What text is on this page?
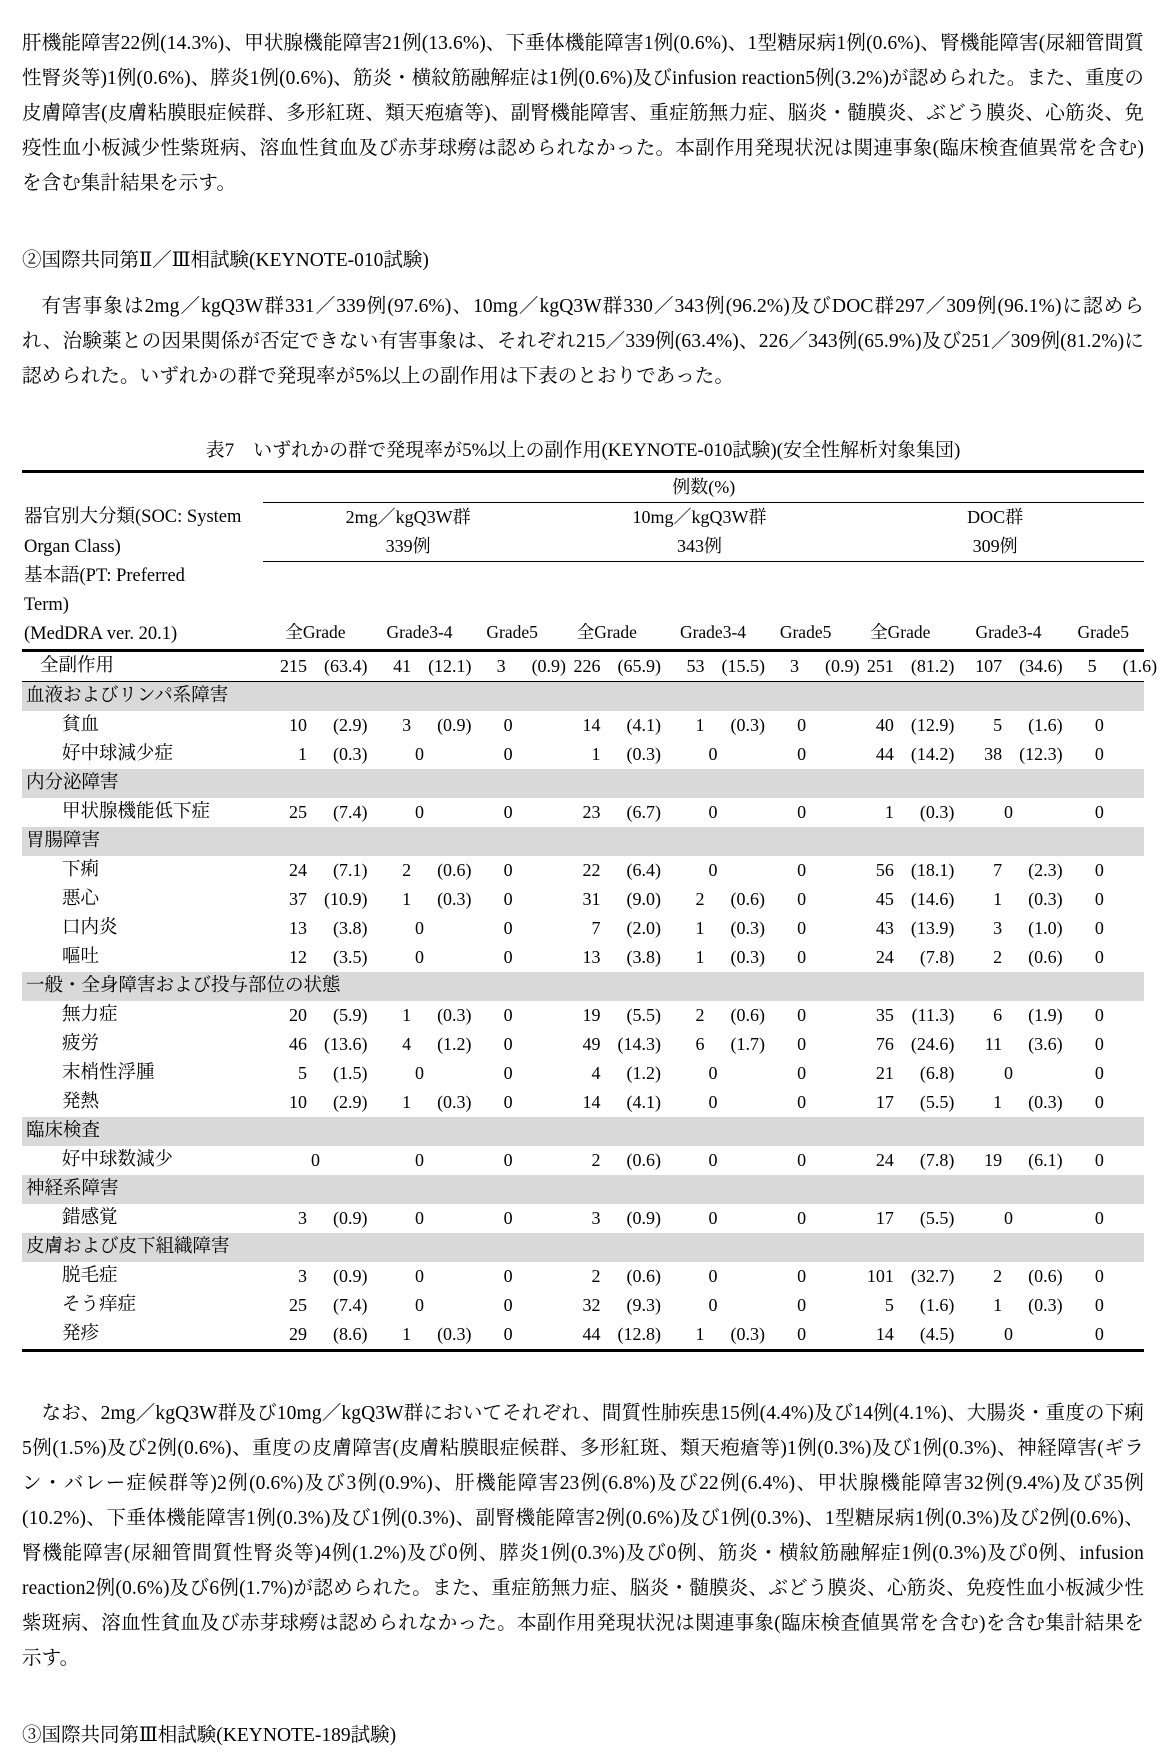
肝機能障害22例(14.3%)、甲状腺機能障害21例(13.6%)、下垂体機能障害1例(0.6%)、1型糖尿病1例(0.6%)、腎機能障害(尿細管間質性腎炎等)1例(0.6%)、膵炎1例(0.6%)、筋炎・横紋筋融解症は1例(0.6%)及びinfusion reaction5例(3.2%)が認められた。また、重度の皮膚障害(皮膚粘膜眼症候群、多形紅斑、類天疱瘡等)、副腎機能障害、重症筋無力症、脳炎・髄膜炎、ぶどう膜炎、心筋炎、免疫性血小板減少性紫斑病、溶血性貧血及び赤芽球癆は認められなかった。本副作用発現状況は関連事象(臨床検査値異常を含む)を含む集計結果を示す。

②国際共同第Ⅱ／Ⅲ相試験(KEYNOTE-010試験)

有害事象は2mg／kgQ3W群331／339例(97.6%)、10mg／kgQ3W群330／343例(96.2%)及びDOC群297／309例(96.1%)に認められ、治験薬との因果関係が否定できない有害事象は、それぞれ215／339例(63.4%)、226／343例(65.9%)及び251／309例(81.2%)に認められた。いずれかの群で発現率が5%以上の副作用は下表のとおりであった。

表7　いずれかの群で発現率が5%以上の副作用(KEYNOTE-010試験)(安全性解析対象集団)

器官別大分類(SOC: System	例数(%)								
	2mg／kgQ3W群			10mg／kgQ3W群			DOC群		
Organ Class)	339例			343例			309例		
基本語(PT: Preferred									
Term)	全Grade	Grade3-4	Grade5	全Grade	Grade3-4	Grade5	全Grade	Grade3-4	Grade5
(MedDRA ver. 20.1)									
全副作用	215 (63.4)	41 (12.1)	3 (0.9)	226 (65.9)	53 (15.5)	3 (0.9)	251 (81.2)	107 (34.6)	5 (1.6)
血液およびリンパ系障害									
貧血	10 (2.9)	3 (0.9)	0	14 (4.1)	1 (0.3)	0	40 (12.9)	5 (1.6)	0
好中球減少症	1 (0.3)	0	0	1 (0.3)	0	0	44 (14.2)	38 (12.3)	0
内分泌障害									
甲状腺機能低下症	25 (7.4)	0	0	23 (6.7)	0	0	1 (0.3)	0	0
胃腸障害									
下痢	24 (7.1)	2 (0.6)	0	22 (6.4)	0	0	56 (18.1)	7 (2.3)	0
悪心	37 (10.9)	1 (0.3)	0	31 (9.0)	2 (0.6)	0	45 (14.6)	1 (0.3)	0
口内炎	13 (3.8)	0	0	7 (2.0)	1 (0.3)	0	43 (13.9)	3 (1.0)	0
嘔吐	12 (3.5)	0	0	13 (3.8)	1 (0.3)	0	24 (7.8)	2 (0.6)	0
一般・全身障害および投与部位の状態									
無力症	20 (5.9)	1 (0.3)	0	19 (5.5)	2 (0.6)	0	35 (11.3)	6 (1.9)	0
疲労	46 (13.6)	4 (1.2)	0	49 (14.3)	6 (1.7)	0	76 (24.6)	11 (3.6)	0
末梢性浮腫	5 (1.5)	0	0	4 (1.2)	0	0	21 (6.8)	0	0
発熱	10 (2.9)	1 (0.3)	0	14 (4.1)	0	0	17 (5.5)	1 (0.3)	0
臨床検査									
好中球数減少	0	0	0	2 (0.6)	0	0	24 (7.8)	19 (6.1)	0
神経系障害									
錯感覚	3 (0.9)	0	0	3 (0.9)	0	0	17 (5.5)	0	0
皮膚および皮下組織障害									
脱毛症	3 (0.9)	0	0	2 (0.6)	0	0	101 (32.7)	2 (0.6)	0
そう痒症	25 (7.4)	0	0	32 (9.3)	0	0	5 (1.6)	1 (0.3)	0
発疹	29 (8.6)	1 (0.3)	0	44 (12.8)	1 (0.3)	0	14 (4.5)	0	0

なお、2mg／kgQ3W群及び10mg／kgQ3W群においてそれぞれ、間質性肺疾患15例(4.4%)及び14例(4.1%)、大腸炎・重度の下痢5例(1.5%)及び2例(0.6%)、重度の皮膚障害(皮膚粘膜眼症候群、多形紅斑、類天疱瘡等)1例(0.3%)及び1例(0.3%)、神経障害(ギラン・バレー症候群等)2例(0.6%)及び3例(0.9%)、肝機能障害23例(6.8%)及び22例(6.4%)、甲状腺機能障害32例(9.4%)及び35例(10.2%)、下垂体機能障害1例(0.3%)及び1例(0.3%)、副腎機能障害2例(0.6%)及び1例(0.3%)、1型糖尿病1例(0.3%)及び2例(0.6%)、腎機能障害(尿細管間質性腎炎等)4例(1.2%)及び0例、膵炎1例(0.3%)及び0例、筋炎・横紋筋融解症1例(0.3%)及び0例、infusion reaction2例(0.6%)及び6例(1.7%)が認められた。また、重症筋無力症、脳炎・髄膜炎、ぶどう膜炎、心筋炎、免疫性血小板減少性紫斑病、溶血性貧血及び赤芽球癆は認められなかった。本副作用発現状況は関連事象(臨床検査値異常を含む)を含む集計結果を示す。

③国際共同第Ⅲ相試験(KEYNOTE-189試験)
